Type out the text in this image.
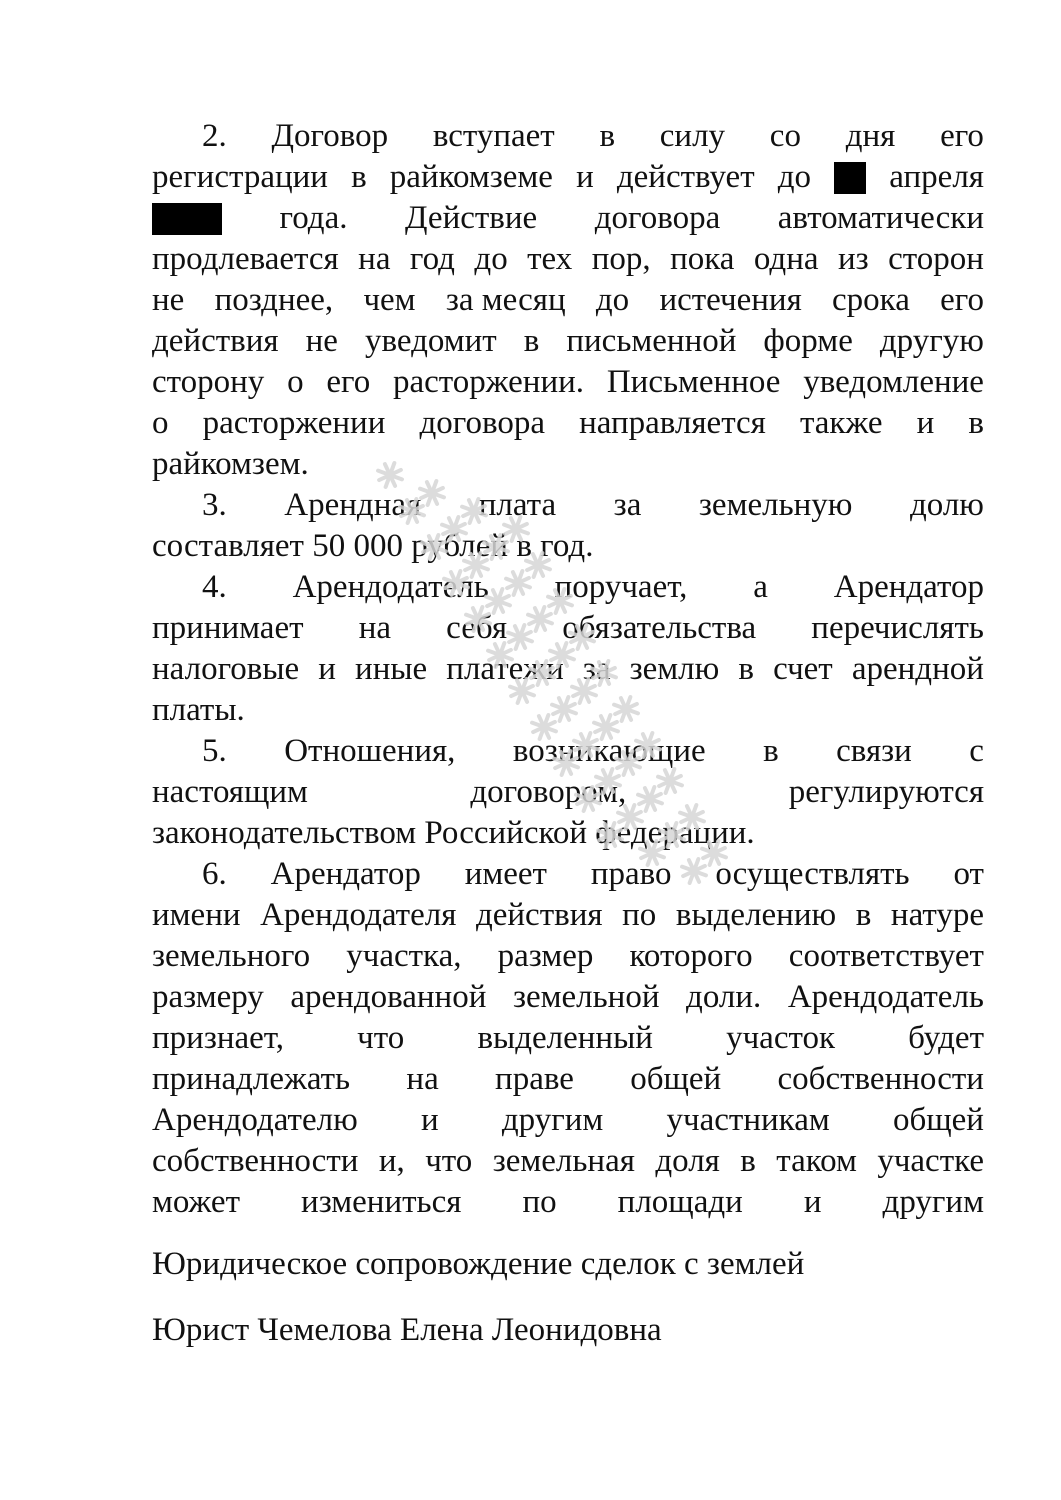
2. Договор вступает в силу со дня его
регистрации в райкомземе и действует до апреля
года. Действие договора автоматически
продлевается на год до тех пор, пока одна из сторон
не позднее, чем за месяц до истечения срока его
действия не уведомит в письменной форме другую
сторону о его расторжении. Письменное уведомление
о расторжении договора направляется также и в
райкомзем.
3. Арендная плата за земельную долю
составляет 50 000 рублей в год.
4. Арендодатель поручает, а Арендатор
принимает на себя обязательства перечислять
налоговые и иные платежи за землю в счет арендной
платы.
5. Отношения, возникающие в связи с
настоящим	договором,	регулируются
законодательством Российской федерации.
6. Арендатор имеет право осуществлять от
имени Арендодателя действия по выделению в натуре
земельного участка, размер которого соответствует
размеру арендованной земельной доли. Арендодатель
признает, что выделенный участок будет
принадлежать на праве общей собственности
Арендодателю и другим участникам общей
собственности и, что земельная доля в таком участке
может измениться по площади и другим
Юридическое сопровождение сделок с землей
Юрист Чемелова Елена Леонидовна
